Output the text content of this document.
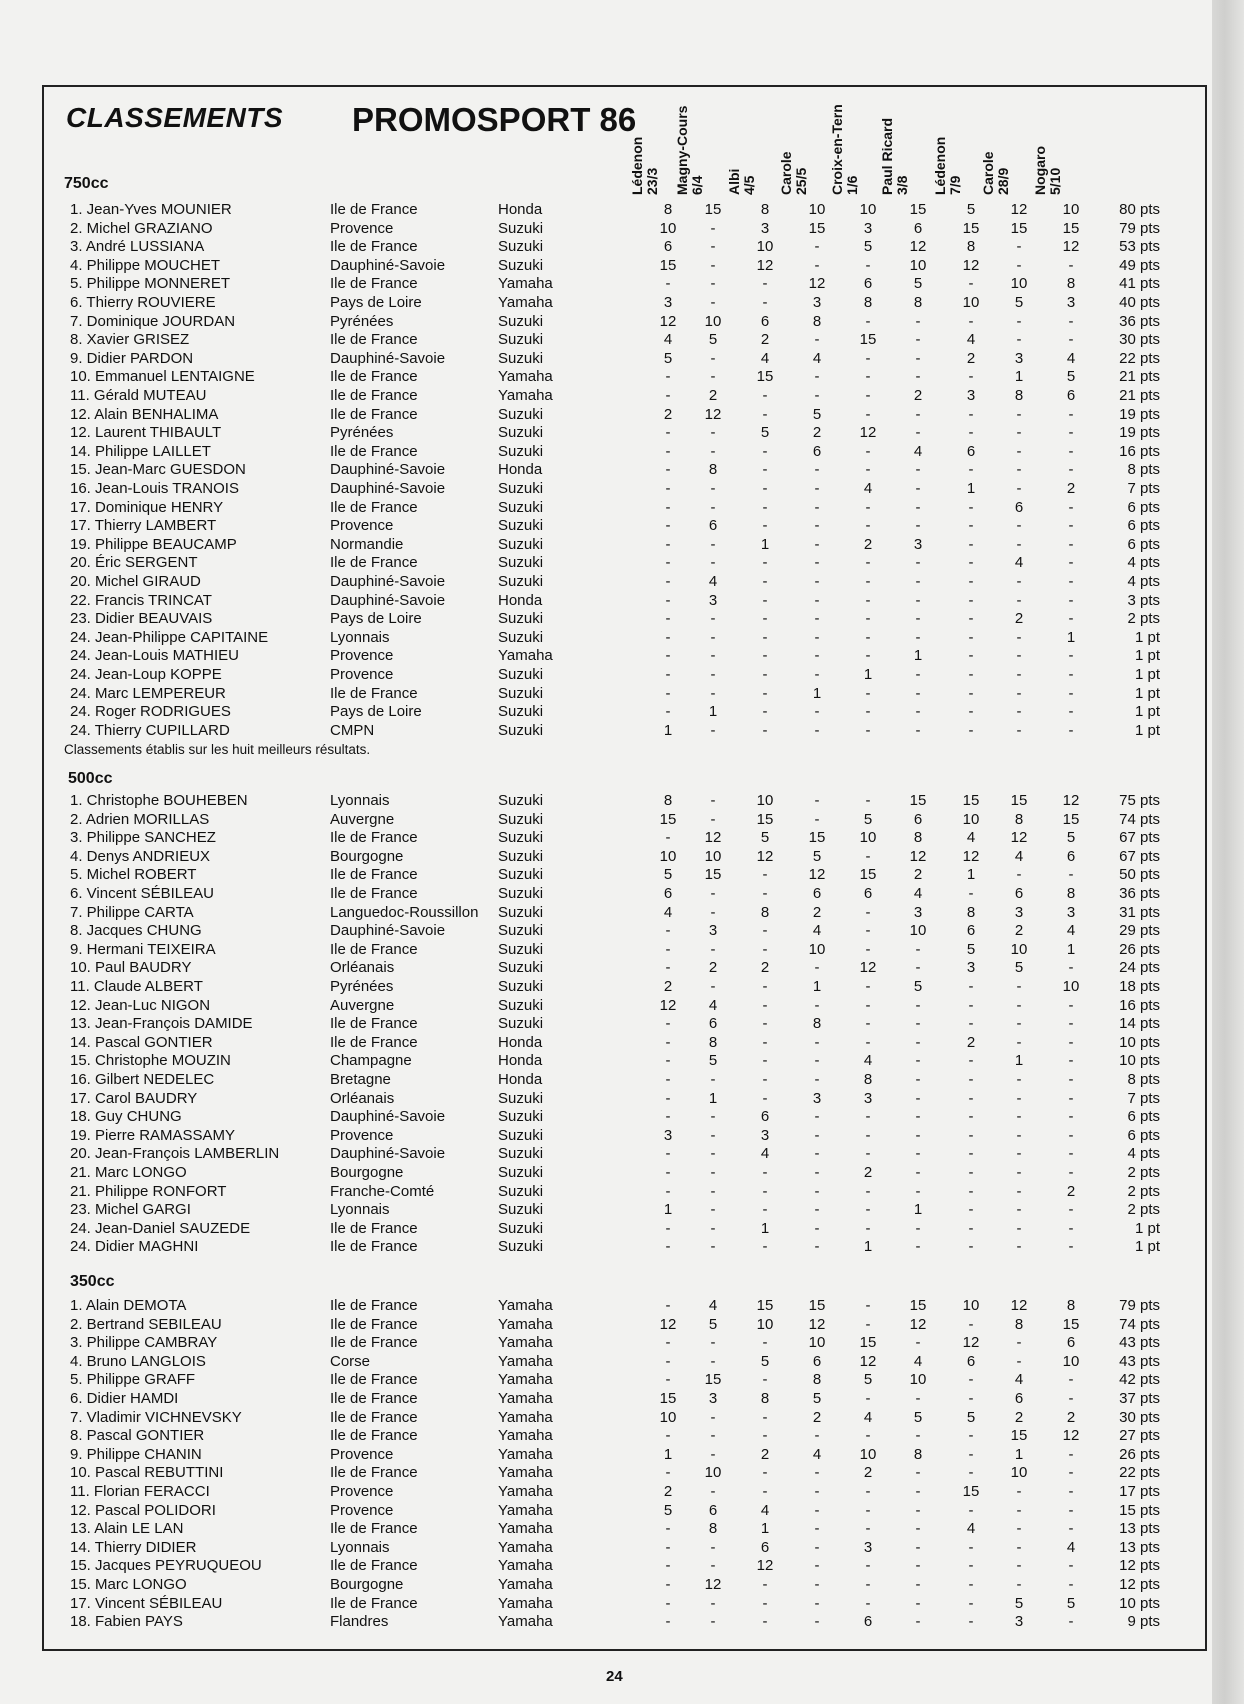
CLASSEMENTS PROMOSPORT 86
Lédenon
23/3 Magny-Cours
6/4 Albi
4/5 Carole
25/5 Croix-en-Tern
1/6 Paul Ricard
3/8 Lédenon
7/9 Carole
28/9 Nogaro
5/10
750cc
1. Jean-Yves MOUNIER	Ile de France	Honda	8	15	8	10	10	15	5	12	10	80 pts
2. Michel GRAZIANO	Provence	Suzuki	10	-	3	15	3	6	15	15	15	79 pts
3. André LUSSIANA	Ile de France	Suzuki	6	-	10	-	5	12	8	-	12	53 pts
4. Philippe MOUCHET	Dauphiné-Savoie	Suzuki	15	-	12	-	-	10	12	-	-	49 pts
5. Philippe MONNERET	Ile de France	Yamaha	-	-	-	12	6	5	-	10	8	41 pts
6. Thierry ROUVIERE	Pays de Loire	Yamaha	3	-	-	3	8	8	10	5	3	40 pts
7. Dominique JOURDAN	Pyrénées	Suzuki	12	10	6	8	-	-	-	-	-	36 pts
8. Xavier GRISEZ	Ile de France	Suzuki	4	5	2	-	15	-	4	-	-	30 pts
9. Didier PARDON	Dauphiné-Savoie	Suzuki	5	-	4	4	-	-	2	3	4	22 pts
10. Emmanuel LENTAIGNE	Ile de France	Yamaha	-	-	15	-	-	-	-	1	5	21 pts
11. Gérald MUTEAU	Ile de France	Yamaha	-	2	-	-	-	2	3	8	6	21 pts
12. Alain BENHALIMA	Ile de France	Suzuki	2	12	-	5	-	-	-	-	-	19 pts
12. Laurent THIBAULT	Pyrénées	Suzuki	-	-	5	2	12	-	-	-	-	19 pts
14. Philippe LAILLET	Ile de France	Suzuki	-	-	-	6	-	4	6	-	-	16 pts
15. Jean-Marc GUESDON	Dauphiné-Savoie	Honda	-	8	-	-	-	-	-	-	-	8 pts
16. Jean-Louis TRANOIS	Dauphiné-Savoie	Suzuki	-	-	-	-	4	-	1	-	2	7 pts
17. Dominique HENRY	Ile de France	Suzuki	-	-	-	-	-	-	-	6	-	6 pts
17. Thierry LAMBERT	Provence	Suzuki	-	6	-	-	-	-	-	-	-	6 pts
19. Philippe BEAUCAMP	Normandie	Suzuki	-	-	1	-	2	3	-	-	-	6 pts
20. Éric SERGENT	Ile de France	Suzuki	-	-	-	-	-	-	-	4	-	4 pts
20. Michel GIRAUD	Dauphiné-Savoie	Suzuki	-	4	-	-	-	-	-	-	-	4 pts
22. Francis TRINCAT	Dauphiné-Savoie	Honda	-	3	-	-	-	-	-	-	-	3 pts
23. Didier BEAUVAIS	Pays de Loire	Suzuki	-	-	-	-	-	-	-	2	-	2 pts
24. Jean-Philippe CAPITAINE	Lyonnais	Suzuki	-	-	-	-	-	-	-	-	1	1 pt
24. Jean-Louis MATHIEU	Provence	Yamaha	-	-	-	-	-	1	-	-	-	1 pt
24. Jean-Loup KOPPE	Provence	Suzuki	-	-	-	-	1	-	-	-	-	1 pt
24. Marc LEMPEREUR	Ile de France	Suzuki	-	-	-	1	-	-	-	-	-	1 pt
24. Roger RODRIGUES	Pays de Loire	Suzuki	-	1	-	-	-	-	-	-	-	1 pt
24. Thierry CUPILLARD	CMPN	Suzuki	1	-	-	-	-	-	-	-	-	1 pt
Classements établis sur les huit meilleurs résultats.
500cc
1. Christophe BOUHEBEN	Lyonnais	Suzuki	8	-	10	-	-	15	15	15	12	75 pts
2. Adrien MORILLAS	Auvergne	Suzuki	15	-	15	-	5	6	10	8	15	74 pts
3. Philippe SANCHEZ	Ile de France	Suzuki	-	12	5	15	10	8	4	12	5	67 pts
4. Denys ANDRIEUX	Bourgogne	Suzuki	10	10	12	5	-	12	12	4	6	67 pts
5. Michel ROBERT	Ile de France	Suzuki	5	15	-	12	15	2	1	-	-	50 pts
6. Vincent SÉBILEAU	Ile de France	Suzuki	6	-	-	6	6	4	-	6	8	36 pts
7. Philippe CARTA	Languedoc-Roussillon Suzuki	4	-	8	2	-	3	8	3	3	31 pts
8. Jacques CHUNG	Dauphiné-Savoie	Suzuki	-	3	-	4	-	10	6	2	4	29 pts
9. Hermani TEIXEIRA	Ile de France	Suzuki	-	-	-	10	-	-	5	10	1	26 pts
10. Paul BAUDRY	Orléanais	Suzuki	-	2	2	-	12	-	3	5	-	24 pts
11. Claude ALBERT	Pyrénées	Suzuki	2	-	-	1	-	5	-	-	10	18 pts
12. Jean-Luc NIGON	Auvergne	Suzuki	12	4	-	-	-	-	-	-	-	16 pts
13. Jean-François DAMIDE	Ile de France	Suzuki	-	6	-	8	-	-	-	-	-	14 pts
14. Pascal GONTIER	Ile de France	Honda	-	8	-	-	-	-	2	-	-	10 pts
15. Christophe MOUZIN	Champagne	Honda	-	5	-	-	4	-	-	1	-	10 pts
16. Gilbert NEDELEC	Bretagne	Honda	-	-	-	-	8	-	-	-	-	8 pts
17. Carol BAUDRY	Orléanais	Suzuki	-	1	-	3	3	-	-	-	-	7 pts
18. Guy CHUNG	Dauphiné-Savoie	Suzuki	-	-	6	-	-	-	-	-	-	6 pts
19. Pierre RAMASSAMY	Provence	Suzuki	3	-	3	-	-	-	-	-	-	6 pts
20. Jean-François LAMBERLIN	Dauphiné-Savoie	Suzuki	-	-	4	-	-	-	-	-	-	4 pts
21. Marc LONGO	Bourgogne	Suzuki	-	-	-	-	2	-	-	-	-	2 pts
21. Philippe RONFORT	Franche-Comté	Suzuki	-	-	-	-	-	-	-	-	2	2 pts
23. Michel GARGI	Lyonnais	Suzuki	1	-	-	-	-	1	-	-	-	2 pts
24. Jean-Daniel SAUZEDE	Ile de France	Suzuki	-	-	1	-	-	-	-	-	-	1 pt
24. Didier MAGHNI	Ile de France	Suzuki	-	-	-	-	1	-	-	-	-	1 pt
350cc
1. Alain DEMOTA	Ile de France	Yamaha	-	4	15	15	-	15	10	12	8	79 pts
2. Bertrand SEBILEAU	Ile de France	Yamaha	12	5	10	12	-	12	-	8	15	74 pts
3. Philippe CAMBRAY	Ile de France	Yamaha	-	-	-	10	15	-	12	-	6	43 pts
4. Bruno LANGLOIS	Corse	Yamaha	-	-	5	6	12	4	6	-	10	43 pts
5. Philippe GRAFF	Ile de France	Yamaha	-	15	-	8	5	10	-	4	-	42 pts
6. Didier HAMDI	Ile de France	Yamaha	15	3	8	5	-	-	-	6	-	37 pts
7. Vladimir VICHNEVSKY	Ile de France	Yamaha	10	-	-	2	4	5	5	2	2	30 pts
8. Pascal GONTIER	Ile de France	Yamaha	-	-	-	-	-	-	-	15	12	27 pts
9. Philippe CHANIN	Provence	Yamaha	1	-	2	4	10	8	-	1	-	26 pts
10. Pascal REBUTTINI	Ile de France	Yamaha	-	10	-	-	2	-	-	10	-	22 pts
11. Florian FERACCI	Provence	Yamaha	2	-	-	-	-	-	15	-	-	17 pts
12. Pascal POLIDORI	Provence	Yamaha	5	6	4	-	-	-	-	-	-	15 pts
13. Alain LE LAN	Ile de France	Yamaha	-	8	1	-	-	-	4	-	-	13 pts
14. Thierry DIDIER	Lyonnais	Yamaha	-	-	6	-	3	-	-	-	4	13 pts
15. Jacques PEYRUQUEOU	Ile de France	Yamaha	-	-	12	-	-	-	-	-	-	12 pts
15. Marc LONGO	Bourgogne	Yamaha	-	12	-	-	-	-	-	-	-	12 pts
17. Vincent SÉBILEAU	Ile de France	Yamaha	-	-	-	-	-	-	-	5	5	10 pts
18. Fabien PAYS	Flandres	Yamaha	-	-	-	-	6	-	-	3	-	9 pts
24
